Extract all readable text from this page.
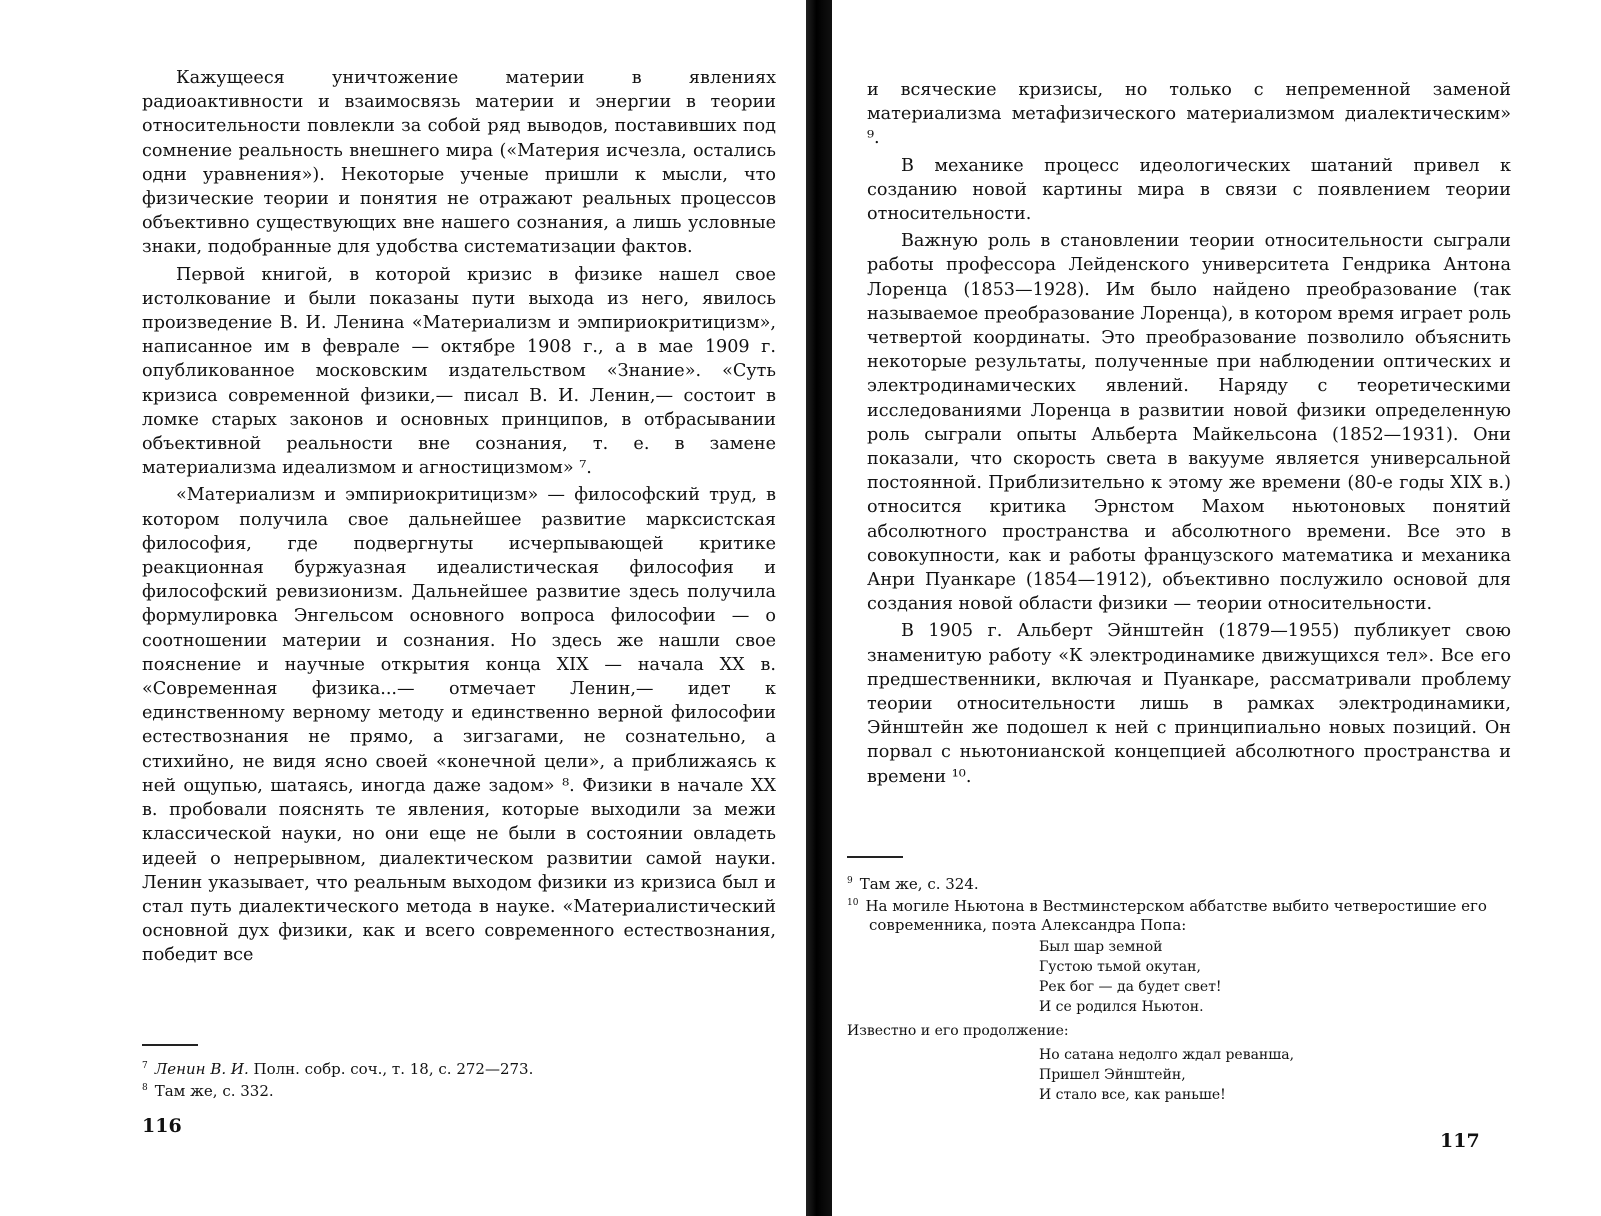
Кажущееся уничтожение материи в явлениях радиоактивности и взаимосвязь материи и энергии в теории относительности повлекли за собой ряд выводов, поставивших под сомнение реальность внешнего мира («Материя исчезла, остались одни уравнения»). Некоторые ученые пришли к мысли, что физические теории и понятия не отражают реальных процессов объективно существующих вне нашего сознания, а лишь условные знаки, подобранные для удобства систематизации фактов.

Первой книгой, в которой кризис в физике нашел свое истолкование и были показаны пути выхода из него, явилось произведение В. И. Ленина «Материализм и эмпириокритицизм», написанное им в феврале — октябре 1908 г., а в мае 1909 г. опубликованное московским издательством «Знание». «Суть кризиса современной физики,— писал В. И. Ленин,— состоит в ломке старых законов и основных принципов, в отбрасывании объективной реальности вне сознания, т. е. в замене материализма идеализмом и агностицизмом» ⁷.

«Материализм и эмпириокритицизм» — философский труд, в котором получила свое дальнейшее развитие марксистская философия, где подвергнуты исчерпывающей критике реакционная буржуазная идеалистическая философия и философский ревизионизм. Дальнейшее развитие здесь получила формулировка Энгельсом основного вопроса философии — о соотношении материи и сознания. Но здесь же нашли свое пояснение и научные открытия конца XIX — начала XX в. «Современная физика...— отмечает Ленин,— идет к единственному верному методу и единственно верной философии естествознания не прямо, а зигзагами, не сознательно, а стихийно, не видя ясно своей «конечной цели», а приближаясь к ней ощупью, шатаясь, иногда даже задом» ⁸. Физики в начале XX в. пробовали пояснять те явления, которые выходили за межи классической науки, но они еще не были в состоянии овладеть идеей о непрерывном, диалектическом развитии самой науки. Ленин указывает, что реальным выходом физики из кризиса был и стал путь диалектического метода в науке. «Материалистический основной дух физики, как и всего современного естествознания, победит все

$^7$ Ленин В. И. Полн. собр. соч., т. 18, с. 272—273.
$^8$ Там же, с. 332.
116

и всяческие кризисы, но только с непременной заменой материализма метафизического материализмом диалектическим» ⁹.

В механике процесс идеологических шатаний привел к созданию новой картины мира в связи с появлением теории относительности.

Важную роль в становлении теории относительности сыграли работы профессора Лейденского университета Гендрика Антона Лоренца (1853—1928). Им было найдено преобразование (так называемое преобразование Лоренца), в котором время играет роль четвертой координаты. Это преобразование позволило объяснить некоторые результаты, полученные при наблюдении оптических и электродинамических явлений. Наряду с теоретическими исследованиями Лоренца в развитии новой физики определенную роль сыграли опыты Альберта Майкельсона (1852—1931). Они показали, что скорость света в вакууме является универсальной постоянной. Приблизительно к этому же времени (80-е годы XIX в.) относится критика Эрнстом Махом ньютоновых понятий абсолютного пространства и абсолютного времени. Все это в совокупности, как и работы французского математика и механика Анри Пуанкаре (1854—1912), объективно послужило основой для создания новой области физики — теории относительности.

В 1905 г. Альберт Эйнштейн (1879—1955) публикует свою знаменитую работу «К электродинамике движущихся тел». Все его предшественники, включая и Пуанкаре, рассматривали проблему теории относительности лишь в рамках электродинамики, Эйнштейн же подошел к ней с принципиально новых позиций. Он порвал с ньютонианской концепцией абсолютного пространства и времени ¹⁰.

$^9$ Там же, с. 324.
$^{10}$ На могиле Ньютона в Вестминстерском аббатстве выбито четверостишие его современника, поэта Александра Попа:
Был шар земной
Густою тьмой окутан,
Рек бог — да будет свет!
И се родился Ньютон.
Известно и его продолжение:
Но сатана недолго ждал реванша,
Пришел Эйнштейн,
И стало все, как раньше!
117
